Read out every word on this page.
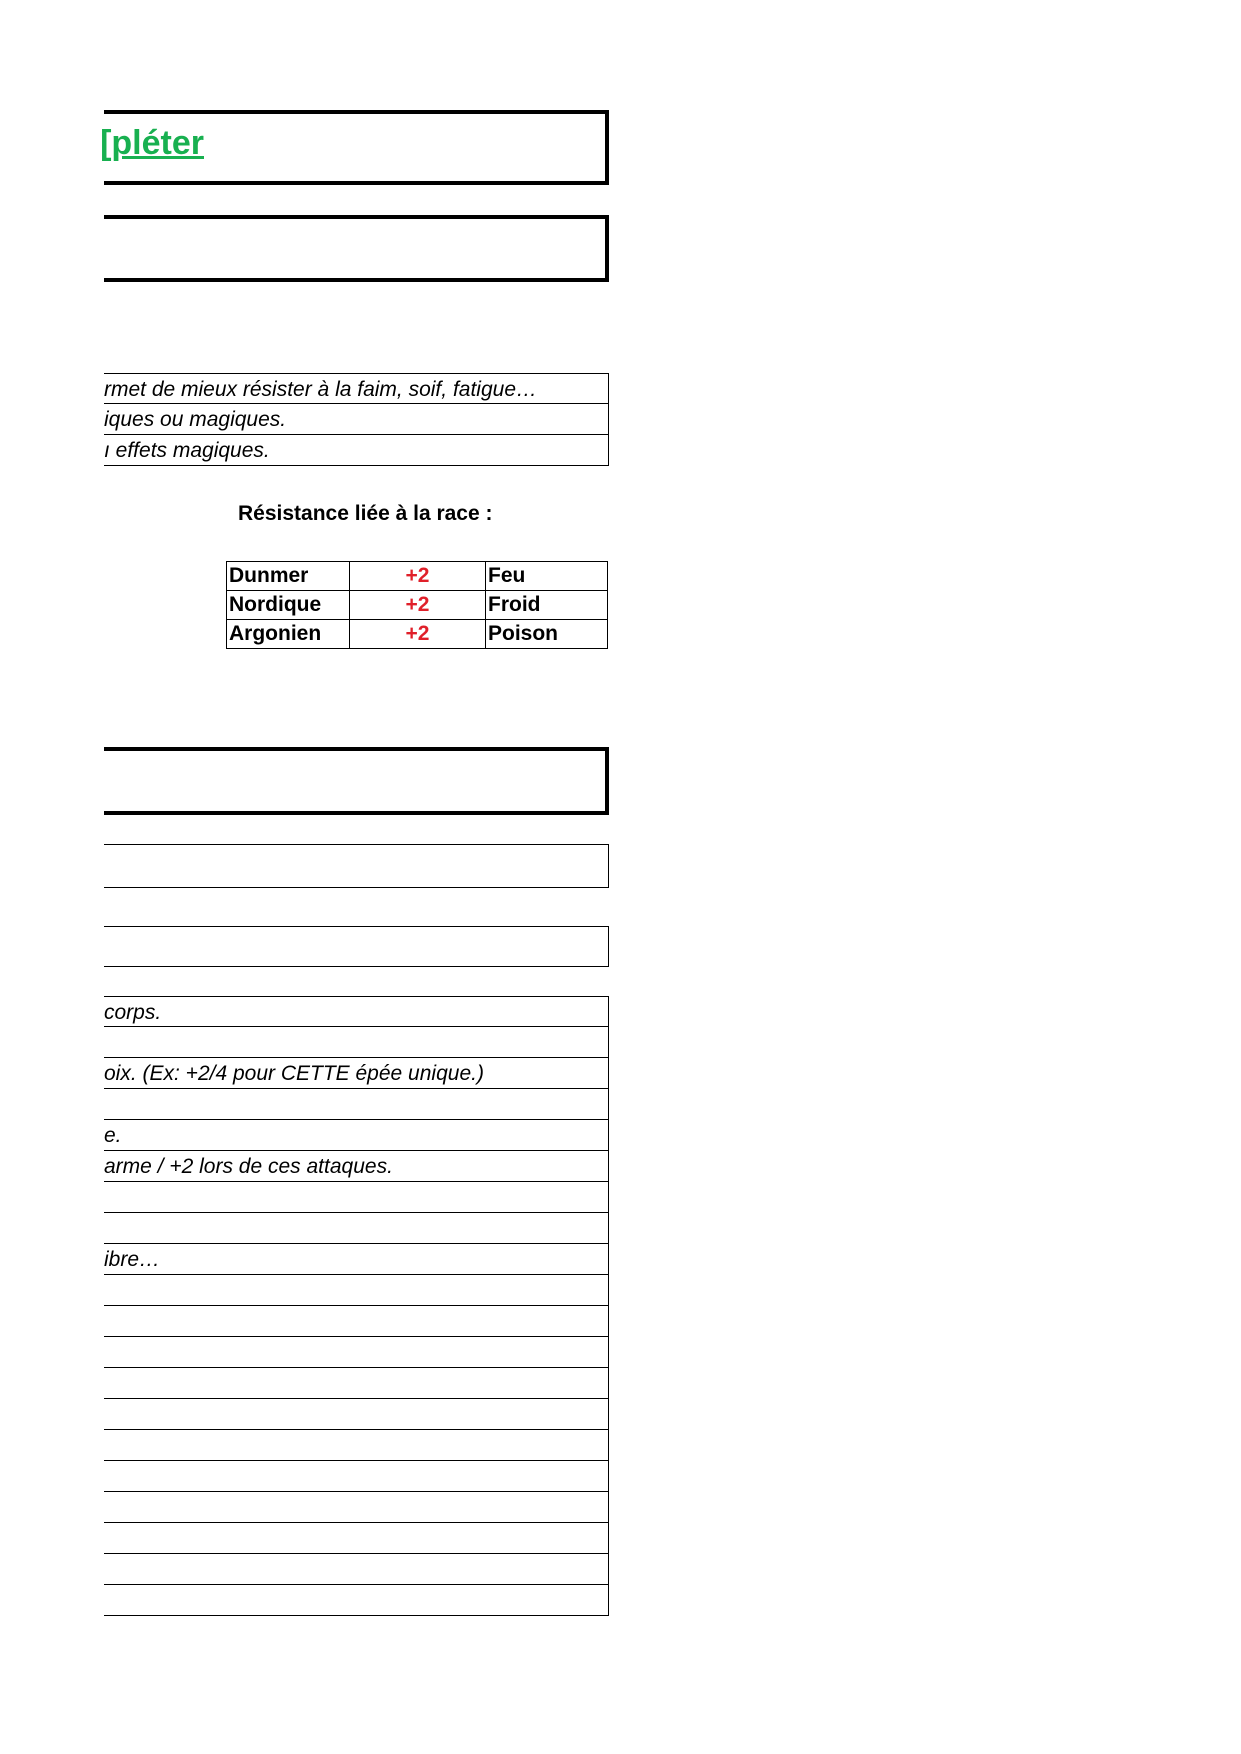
pléter]
rmet de mieux résister à la faim, soif, fatigue…
iques ou magiques.
ı effets magiques.
Résistance liée à la race :
Dunmer	+2	Feu
Nordique	+2	Froid
Argonien	+2	Poison
corps.
oix. (Ex: +2/4 pour CETTE épée unique.)
e.
arme / +2 lors de ces attaques.
ibre…
